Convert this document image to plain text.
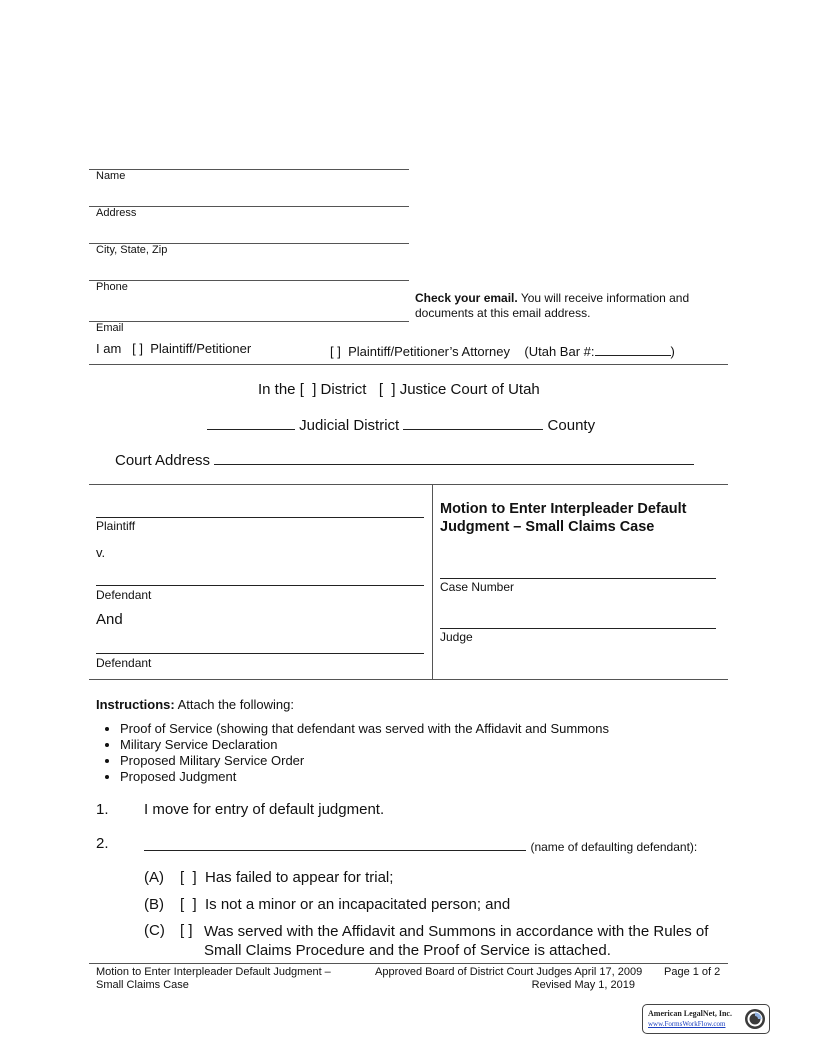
Name
Address
City, State, Zip
Phone
Email
Check your email. You will receive information and documents at this email address.
I am [ ] Plaintiff/Petitioner	[ ] Plaintiff/Petitioner’s Attorney (Utah Bar #:	)
In the [  ] District   [  ] Justice Court of Utah
Judicial District	County
Court Address
Plaintiff
v.
Defendant
And
Defendant
Motion to Enter Interpleader Default Judgment – Small Claims Case
Case Number
Judge
Instructions: Attach the following:
• Proof of Service (showing that defendant was served with the Affidavit and Summons
• Military Service Declaration
• Proposed Military Service Order
• Proposed Judgment
1. I move for entry of default judgment.
2.	(name of defaulting defendant):
(A) [  ]  Has failed to appear for trial;
(B) [  ]  Is not a minor or an incapacitated person; and
(C) [ ] Was served with the Affidavit and Summons in accordance with the Rules of Small Claims Procedure and the Proof of Service is attached.
Motion to Enter Interpleader Default Judgment – Small Claims Case
Approved Board of District Court Judges April 17, 2009
Revised May 1, 2019
Page 1 of 2
American LegalNet, Inc.
www.FormsWorkFlow.com
